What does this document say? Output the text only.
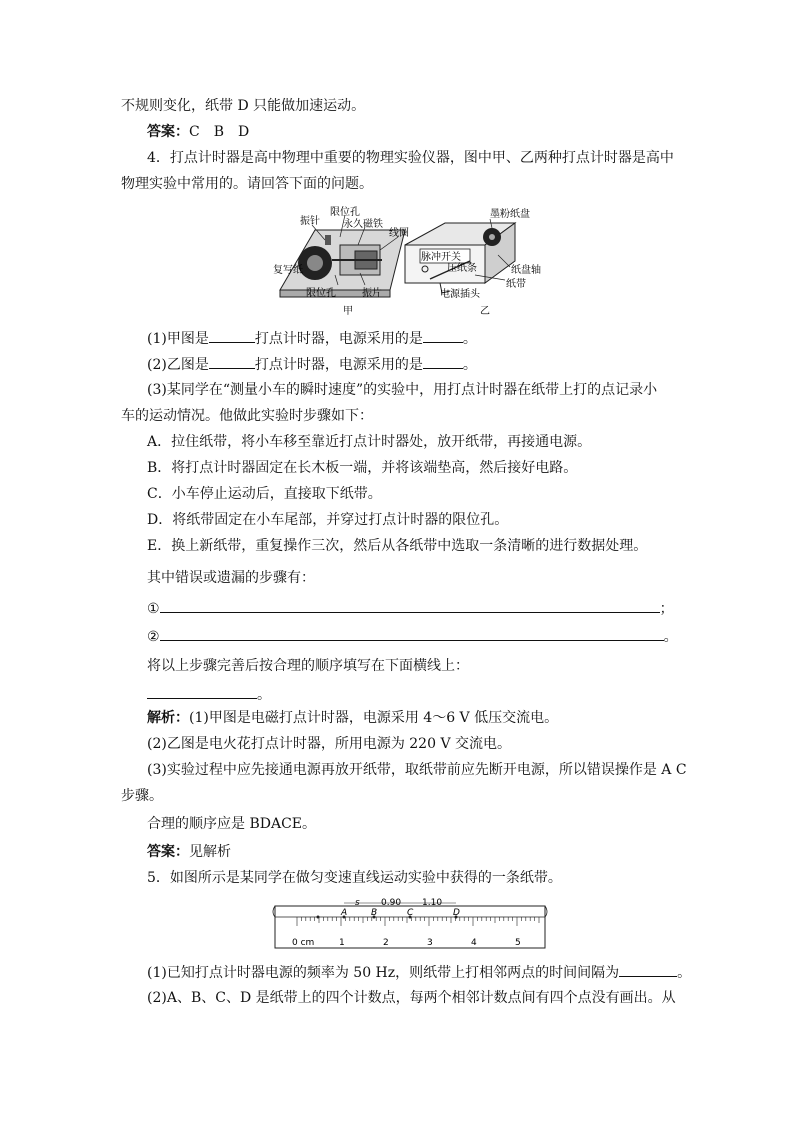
不规则变化，纸带 D 只能做加速运动。
答案：C　B　D
4．打点计时器是高中物理中重要的物理实验仪器，图中甲、乙两种打点计时器是高中
物理实验中常用的。请回答下面的问题。
振针
限位孔
永久磁铁
线圈
复写纸
限位孔	振片
甲
墨粉纸盘
脉冲开关
压纸条	纸盘轴
纸带
电源插头
乙
(1)甲图是	打点计时器，电源采用的是	。
(2)乙图是	打点计时器，电源采用的是	。
(3)某同学在“测量小车的瞬时速度”的实验中，用打点计时器在纸带上打的点记录小
车的运动情况。他做此实验时步骤如下：
A．拉住纸带，将小车移至靠近打点计时器处，放开纸带，再接通电源。
B．将打点计时器固定在长木板一端，并将该端垫高，然后接好电路。
C．小车停止运动后，直接取下纸带。
D．将纸带固定在小车尾部，并穿过打点计时器的限位孔。
E．换上新纸带，重复操作三次，然后从各纸带中选取一条清晰的进行数据处理。
其中错误或遗漏的步骤有：
①	；
②	。
将以上步骤完善后按合理的顺序填写在下面横线上：
。
解析：(1)甲图是电磁打点计时器，电源采用 4～6 V 低压交流电。
(2)乙图是电火花打点计时器，所用电源为 220 V 交流电。
(3)实验过程中应先接通电源再放开纸带，取纸带前应先断开电源，所以错误操作是 A C
步骤。
合理的顺序应是 BDACE。
答案：见解析
5．如图所示是某同学在做匀变速直线运动实验中获得的一条纸带。
0 cm	1	2	3	4	5
A	B	C	D
s 0.90 1.10
(1)已知打点计时器电源的频率为 50 Hz，则纸带上打相邻两点的时间间隔为	。
(2)A、B、C、D 是纸带上的四个计数点，每两个相邻计数点间有四个点没有画出。从
